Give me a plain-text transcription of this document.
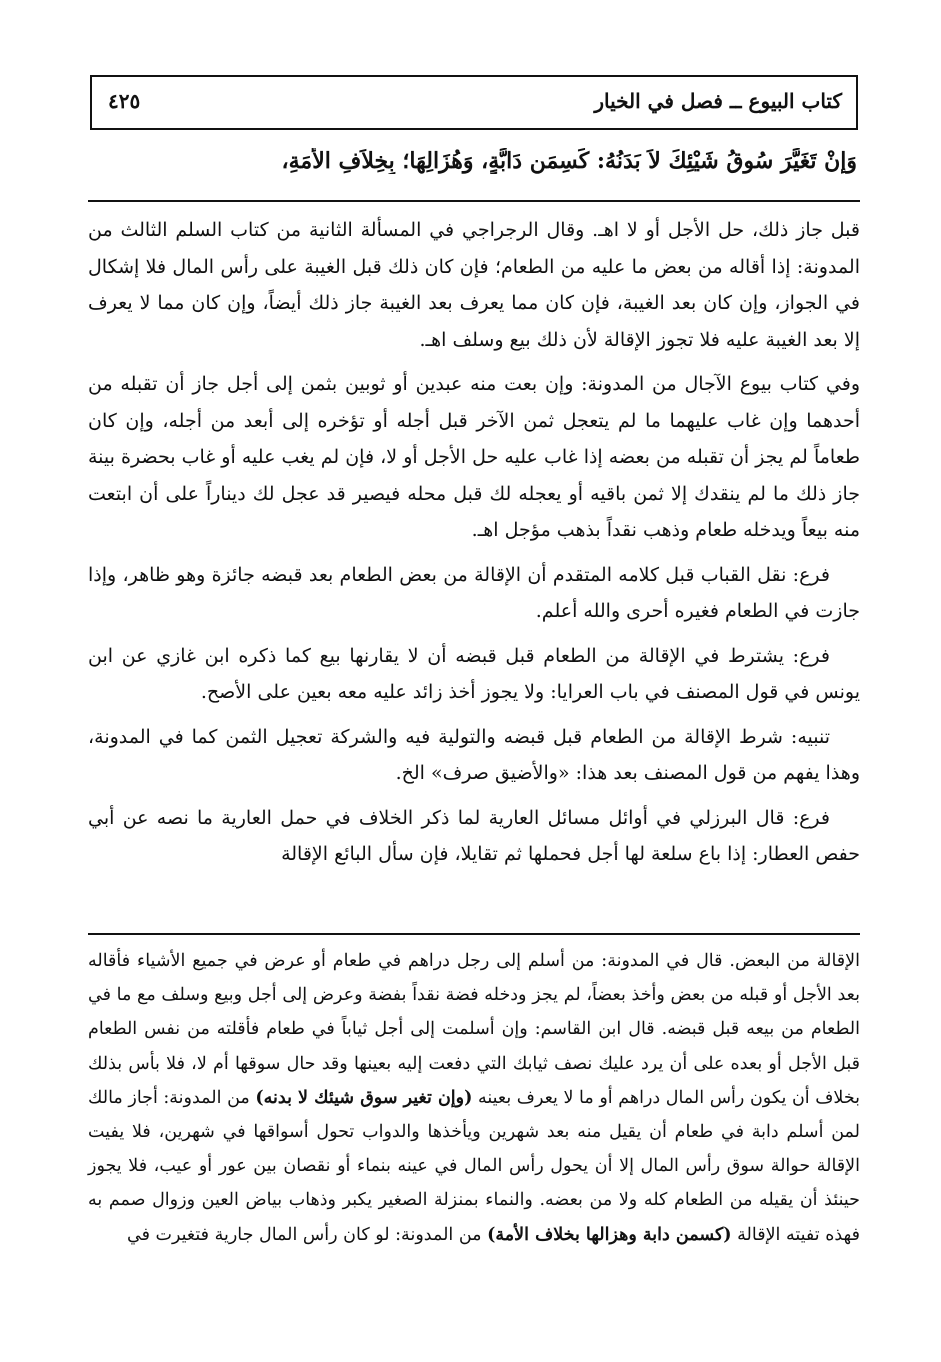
كتاب البيوع ــ فصل في الخيار
٤٢٥
وَإِنْ تَغَيَّرَ سُوقُ شَيْئِكَ لاَ بَدَنُهُ: كَسِمَنِ دَابَّةٍ، وَهُزَالِهَا؛ بِخِلاَفِ الأَمَةِ،

قبل جاز ذلك، حل الأجل أو لا اهـ. وقال الرجراجي في المسألة الثانية من كتاب السلم الثالث من المدونة: إذا أقاله من بعض ما عليه من الطعام؛ فإن كان ذلك قبل الغيبة على رأس المال فلا إشكال في الجواز، وإن كان بعد الغيبة، فإن كان مما يعرف بعد الغيبة جاز ذلك أيضاً، وإن كان مما لا يعرف إلا بعد الغيبة عليه فلا تجوز الإقالة لأن ذلك بيع وسلف اهـ.

وفي كتاب بيوع الآجال من المدونة: وإن بعت منه عبدين أو ثوبين بثمن إلى أجل جاز أن تقبله من أحدهما وإن غاب عليهما ما لم يتعجل ثمن الآخر قبل أجله أو تؤخره إلى أبعد من أجله، وإن كان طعاماً لم يجز أن تقبله من بعضه إذا غاب عليه حل الأجل أو لا، فإن لم يغب عليه أو غاب بحضرة بينة جاز ذلك ما لم ينقدك إلا ثمن باقيه أو يعجله لك قبل محله فيصير قد عجل لك ديناراً على أن ابتعت منه بيعاً ويدخله طعام وذهب نقداً بذهب مؤجل اهـ.

فرع: نقل القباب قبل كلامه المتقدم أن الإقالة من بعض الطعام بعد قبضه جائزة وهو ظاهر، وإذا جازت في الطعام فغيره أحرى والله أعلم.

فرع: يشترط في الإقالة من الطعام قبل قبضه أن لا يقارنها بيع كما ذكره ابن غازي عن ابن يونس في قول المصنف في باب العرايا: ولا يجوز أخذ زائد عليه معه بعين على الأصح.

تنبيه: شرط الإقالة من الطعام قبل قبضه والتولية فيه والشركة تعجيل الثمن كما في المدونة، وهذا يفهم من قول المصنف بعد هذا: «والأضيق صرف» الخ.

فرع: قال البرزلي في أوائل مسائل العارية لما ذكر الخلاف في حمل العارية ما نصه عن أبي حفص العطار: إذا باع سلعة لها أجل فحملها ثم تقايلا، فإن سأل البائع الإقالة

الإقالة من البعض. قال في المدونة: من أسلم إلى رجل دراهم في طعام أو عرض في جميع الأشياء فأقاله بعد الأجل أو قبله من بعض وأخذ بعضاً، لم يجز ودخله فضة نقداً بفضة وعرض إلى أجل وبيع وسلف مع ما في الطعام من بيعه قبل قبضه. قال ابن القاسم: وإن أسلمت إلى أجل ثياباً في طعام فأقلته من نفس الطعام قبل الأجل أو بعده على أن يرد عليك نصف ثيابك التي دفعت إليه بعينها وقد حال سوقها أم لا، فلا بأس بذلك بخلاف أن يكون رأس المال دراهم أو ما لا يعرف بعينه (وإن تغير سوق شيئك لا بدنه) من المدونة: أجاز مالك لمن أسلم دابة في طعام أن يقيل منه بعد شهرين ويأخذها والدواب تحول أسواقها في شهرين، فلا يفيت الإقالة حوالة سوق رأس المال إلا أن يحول رأس المال في عينه بنماء أو نقصان بين عور أو عيب، فلا يجوز حينئذ أن يقيله من الطعام كله ولا من بعضه. والنماء بمنزلة الصغير يكبر وذهاب بياض العين وزوال صمم به فهذه تفيته الإقالة (كسمن دابة وهزالها بخلاف الأمة) من المدونة: لو كان رأس المال جارية فتغيرت في
